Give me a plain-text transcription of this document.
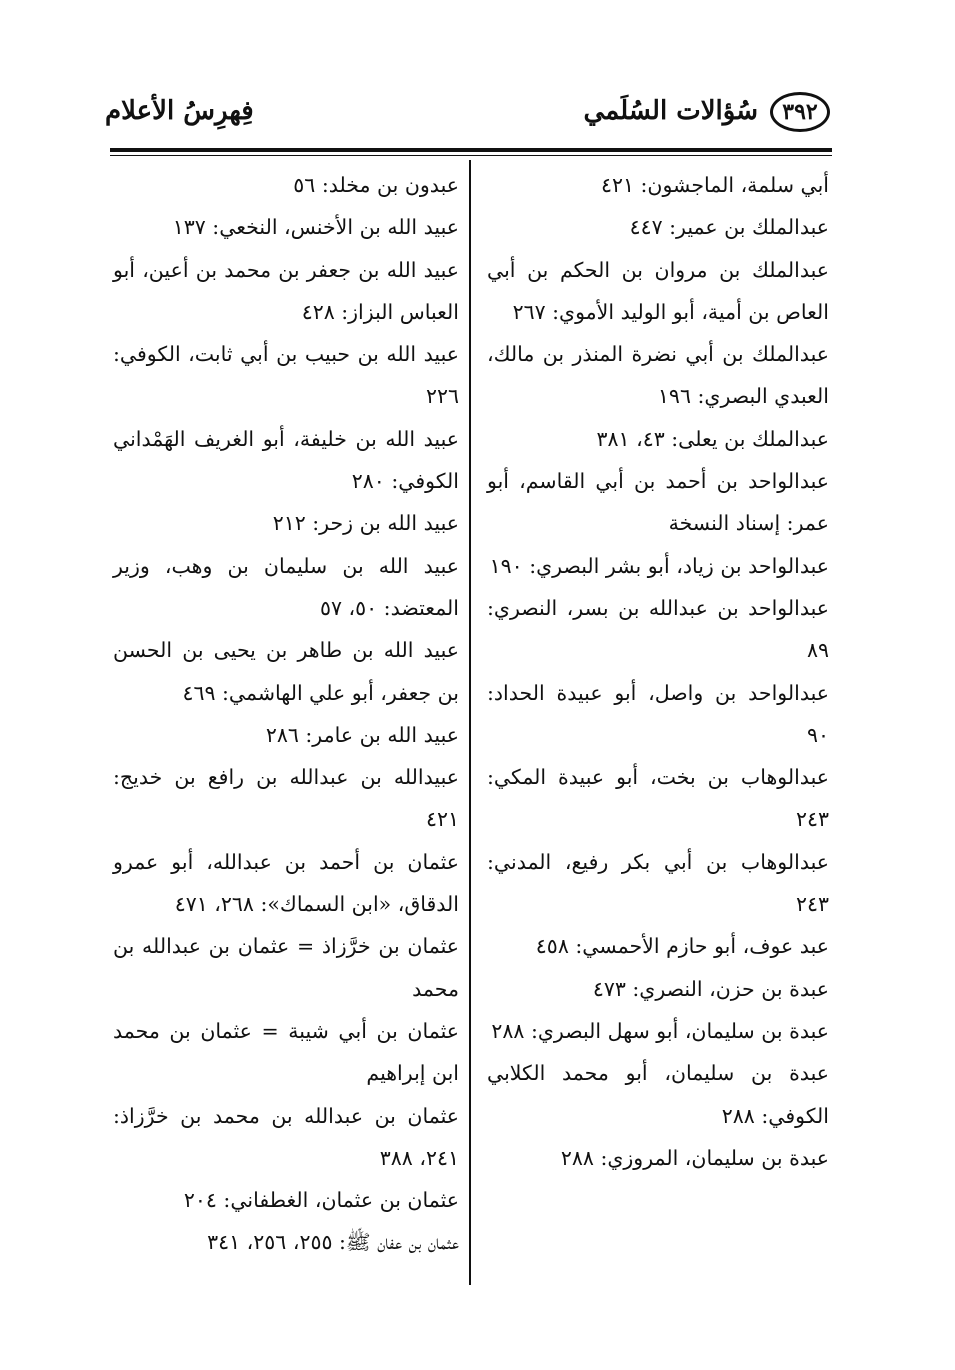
٣٩٢
سُؤالات السُلَمي
فِهرِسُ الأعلام
أبي سلمة، الماجشون: ٤٢١
عبدالملك بن عمير: ٤٤٧
عبدالملك بن مروان بن الحكم بن أبي العاص بن أمية، أبو الوليد الأموي: ٢٦٧
عبدالملك بن أبي نضرة المنذر بن مالك، العبدي البصري: ١٩٦
عبدالملك بن يعلى: ٤٣، ٣٨١
عبدالواحد بن أحمد بن أبي القاسم، أبو عمر: إسناد النسخة
عبدالواحد بن زياد، أبو بشر البصري: ١٩٠
عبدالواحد بن عبدالله بن بسر، النصري: ٨٩
عبدالواحد بن واصل، أبو عبيدة الحداد: ٩٠
عبدالوهاب بن بخت، أبو عبيدة المكي: ٢٤٣
عبدالوهاب بن أبي بكر رفيع، المدني: ٢٤٣
عبد عوف، أبو حازم الأحمسي: ٤٥٨
عبدة بن حزن، النصري: ٤٧٣
عبدة بن سليمان، أبو سهل البصري: ٢٨٨
عبدة بن سليمان، أبو محمد الكلابي الكوفي: ٢٨٨
عبدة بن سليمان، المروزي: ٢٨٨
عبدون بن مخلد: ٥٦
عبيد الله بن الأخنس، النخعي: ١٣٧
عبيد الله بن جعفر بن محمد بن أعين، أبو العباس البزاز: ٤٢٨
عبيد الله بن حبيب بن أبي ثابت، الكوفي: ٢٢٦
عبيد الله بن خليفة، أبو الغريف الهَمْداني الكوفي: ٢٨٠
عبيد الله بن زحر: ٢١٢
عبيد الله بن سليمان بن وهب، وزير المعتضد: ٥٠، ٥٧
عبيد الله بن طاهر بن يحيى بن الحسن بن جعفر، أبو علي الهاشمي: ٤٦٩
عبيد الله بن عامر: ٢٨٦
عبيدالله بن عبدالله بن رافع بن خديج: ٤٢١
عثمان بن أحمد بن عبدالله، أبو عمرو الدقاق، «ابن السماك»: ٢٦٨، ٤٧١
عثمان بن خرَّزاذ = عثمان بن عبدالله بن محمد
عثمان بن أبي شيبة = عثمان بن محمد ابن إبراهيم
عثمان بن عبدالله بن محمد بن خرَّزاذ: ٢٤١، ٣٨٨
عثمان بن عثمان، الغطفاني: ٢٠٤
عثمان بن عفان ﷺ: ٢٥٥، ٢٥٦، ٣٤١
